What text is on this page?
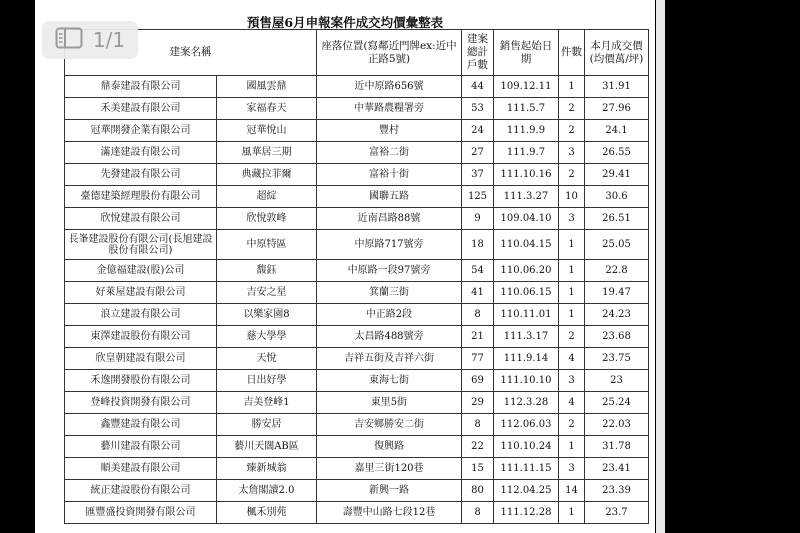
預售屋6月申報案件成交均價彙整表
建案名稱		座落位置(寫鄰近門牌ex:近中正路5號)	建案總計戶數	銷售起始日期	件數	本月成交價(均價萬/坪)
鼎泰建設有限公司	國風雲鼎	近中原路656號	44	109.12.11	1	31.91
禾美建設有限公司	家福春天	中華路農糧署旁	53	111.5.7	2	27.96
冠華開發企業有限公司	冠華悅山	豐村	24	111.9.9	2	24.1
滿達建設有限公司	風華居三期	富裕二街	27	111.9.7	3	26.55
先發建設有限公司	典藏拉菲爾	富裕十街	37	111.10.16	2	29.41
臺德建築經理股份有限公司	超綻	國聯五路	125	111.3.27	10	30.6
欣悅建設有限公司	欣悅敦峰	近南昌路88號	9	109.04.10	3	26.51
長峯建設股份有限公司(長旭建設股份有限公司)	中原特區	中原路717號旁	18	110.04.15	1	25.05
金億福建設(股)公司	馥鈺	中原路一段97號旁	54	110.06.20	1	22.8
好萊屋建設有限公司	吉安之星	箕蘭三街	41	110.06.15	1	19.47
浪立建設有限公司	以樂家園8	中正路2段	8	110.11.01	1	24.23
東澤建設股份有限公司	慈大學學	太昌路488號旁	21	111.3.17	2	23.68
欣皇朝建設有限公司	天悅	吉祥五街及吉祥六街	77	111.9.14	4	23.75
禾逸開發股份有限公司	日出好學	東海七街	69	111.10.10	3	23
登峰投資開發有限公司	吉美登峰1	東里5街	29	112.3.28	4	25.24
鑫豐建設有限公司	勝安居	吉安鄉勝安二街	8	112.06.03	2	22.03
藝川建設有限公司	藝川天闊AB區	復興路	22	110.10.24	1	31.78
順美建設有限公司	臻新城翁	嘉里三街120巷	15	111.11.15	3	23.41
統正建設股份有限公司	太詹閣讀2.0	新興一路	80	112.04.25	14	23.39
匯豐盛投資開發有限公司	楓禾別苑	壽豐中山路七段12巷	8	111.12.28	1	23.7
1/1
